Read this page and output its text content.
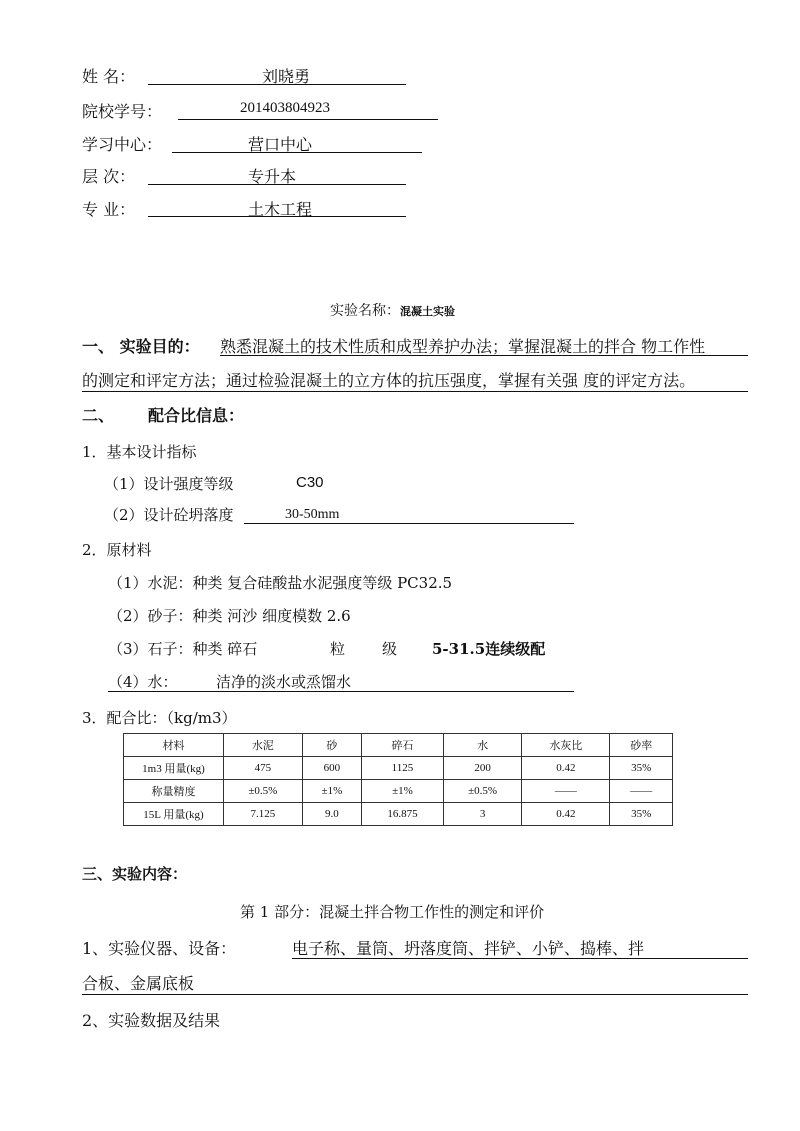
姓 名：	刘晓勇
院校学号：	201403804923
学习中心：	营口中心
层 次：	专升本
专 业：	土木工程
实验名称：混凝土实验
一、 实验目的： 熟悉混凝土的技术性质和成型养护办法；掌握混凝土的拌合 物工作性
的测定和评定方法；通过检验混凝土的立方体的抗压强度，掌握有关强 度的评定方法。
二、 配合比信息：
1．基本设计指标
（1）设计强度等级	C30
（2）设计砼坍落度	30-50mm
2．原材料
（1）水泥：种类 复合硅酸盐水泥强度等级 PC32.5
（2）砂子：种类 河沙 细度模数 2.6
（3）石子：种类 碎石	粒 级 5-31.5连续级配
（4）水：	洁净的淡水或烝馏水
3．配合比：（kg/m3）
材料	水泥	砂	碎石	水	水灰比	砂率
1m3 用量(kg)	475	600	1125	200	0.42	35%
称量精度	±0.5%	±1%	±1%	±0.5%	——	——
15L 用量(kg)	7.125	9.0	16.875	3	0.42	35%
三、实验内容：
第 1 部分：混凝土拌合物工作性的测定和评价
1、实验仪器、设备：	电子称、量筒、坍落度筒、拌铲、小铲、捣棒、拌
合板、金属底板
2、实验数据及结果
